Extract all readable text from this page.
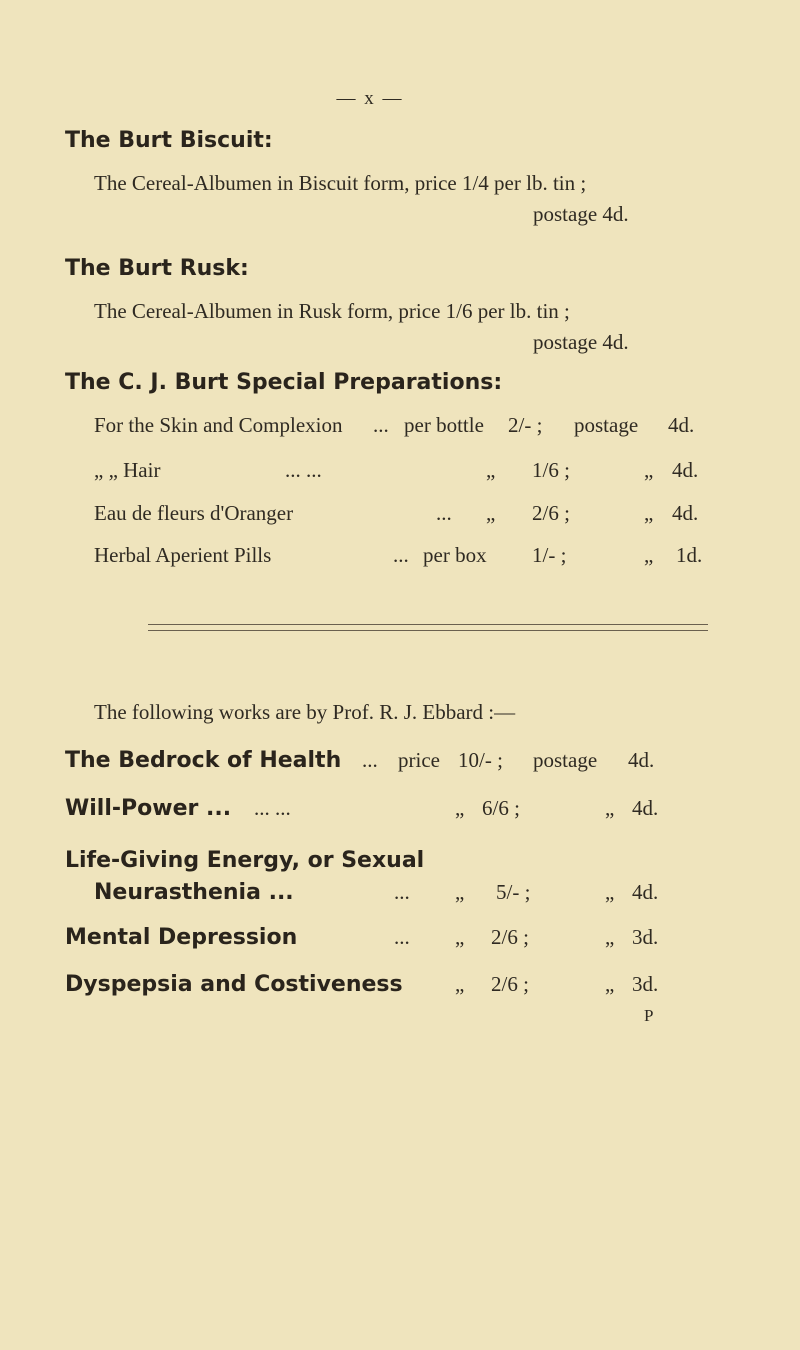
— x —
The Burt Biscuit:
The Cereal-Albumen in Biscuit form, price 1/4 per lb. tin ;
postage 4d.
The Burt Rusk:
The Cereal-Albumen in Rusk form, price 1/6 per lb. tin ;
postage 4d.
The C. J. Burt Special Preparations:
For the Skin and Complexion ... per bottle 2/- ; postage 4d.
„ „ Hair	... ...	„ 1/6 ;	„ 4d.
Eau de fleurs d'Oranger	... „ 2/6 ;	„ 4d.
Herbal Aperient Pills	... per box 1/- ;	„ 1d.
The following works are by Prof. R. J. Ebbard :—
The Bedrock of Health ... price 10/- ; postage 4d.
Will-Power ... ... ...	„ 6/6 ;	„ 4d.
Life-Giving Energy, or Sexual
Neurasthenia ...	... „ 5/- ;	„ 4d.
Mental Depression	... „ 2/6 ;	„ 3d.
Dyspepsia and Costiveness „ 2/6 ;	„ 3d.
P
